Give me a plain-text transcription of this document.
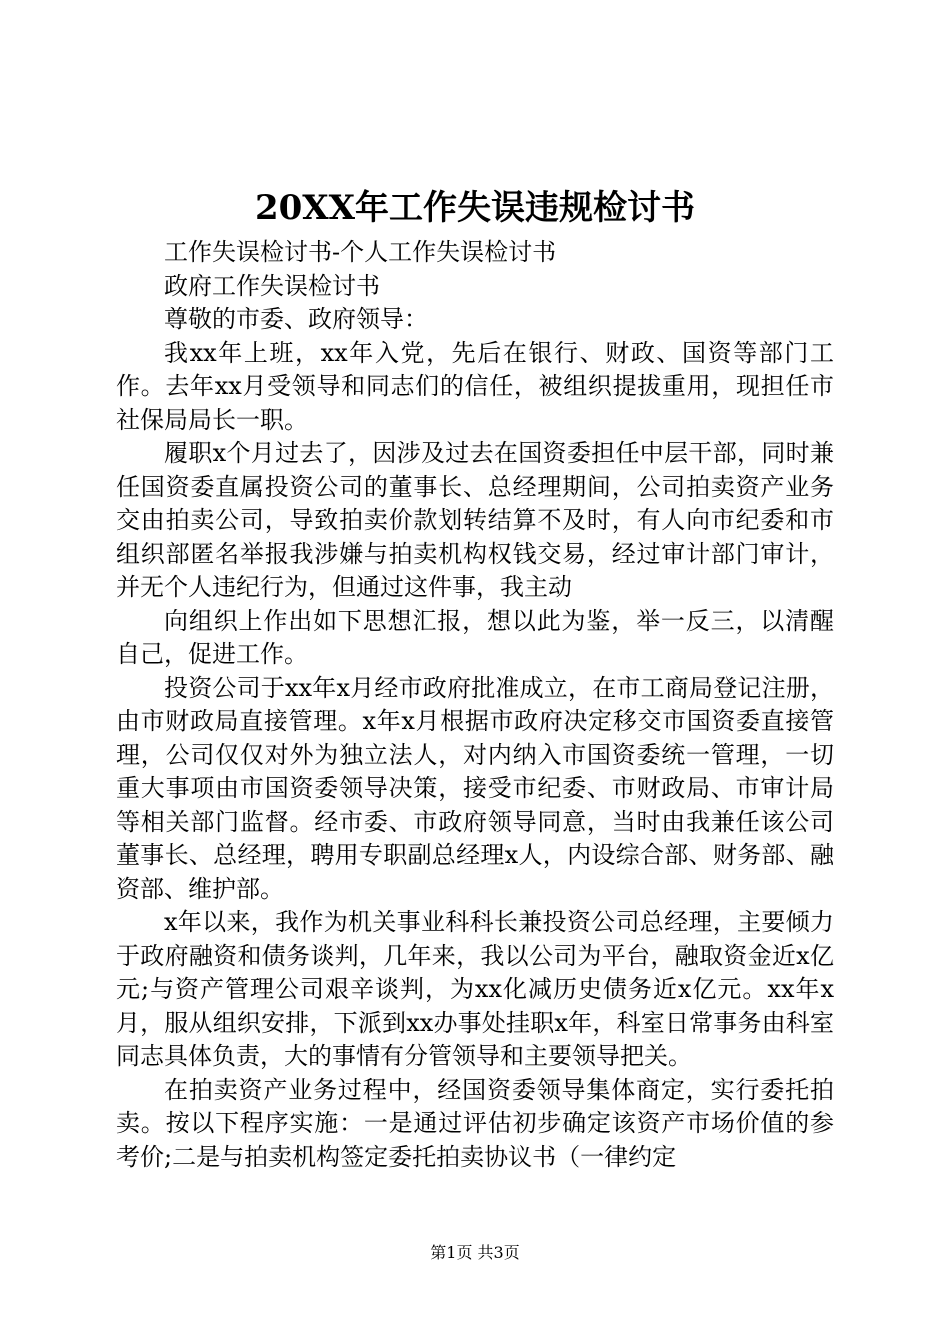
20XX年工作失误违规检讨书

工作失误检讨书-个人工作失误检讨书

政府工作失误检讨书

尊敬的市委、政府领导：

我xx年上班，xx年入党，先后在银行、财政、国资等部门工作。去年xx月受领导和同志们的信任，被组织提拔重用，现担任市社保局局长一职。

履职x个月过去了，因涉及过去在国资委担任中层干部，同时兼任国资委直属投资公司的董事长、总经理期间，公司拍卖资产业务交由拍卖公司，导致拍卖价款划转结算不及时，有人向市纪委和市组织部匿名举报我涉嫌与拍卖机构权钱交易，经过审计部门审计，并无个人违纪行为，但通过这件事，我主动

向组织上作出如下思想汇报，想以此为鉴，举一反三，以清醒自己，促进工作。

投资公司于xx年x月经市政府批准成立，在市工商局登记注册，由市财政局直接管理。x年x月根据市政府决定移交市国资委直接管理，公司仅仅对外为独立法人，对内纳入市国资委统一管理，一切重大事项由市国资委领导决策，接受市纪委、市财政局、市审计局等相关部门监督。经市委、市政府领导同意，当时由我兼任该公司董事长、总经理，聘用专职副总经理x人，内设综合部、财务部、融资部、维护部。

x年以来，我作为机关事业科科长兼投资公司总经理，主要倾力于政府融资和债务谈判，几年来，我以公司为平台，融取资金近x亿元;与资产管理公司艰辛谈判，为xx化减历史债务近x亿元。xx年x月，服从组织安排，下派到xx办事处挂职x年，科室日常事务由科室同志具体负责，大的事情有分管领导和主要领导把关。

在拍卖资产业务过程中，经国资委领导集体商定，实行委托拍卖。按以下程序实施：一是通过评估初步确定该资产市场价值的参考价;二是与拍卖机构签定委托拍卖协议书（一律约定

第1页 共3页
